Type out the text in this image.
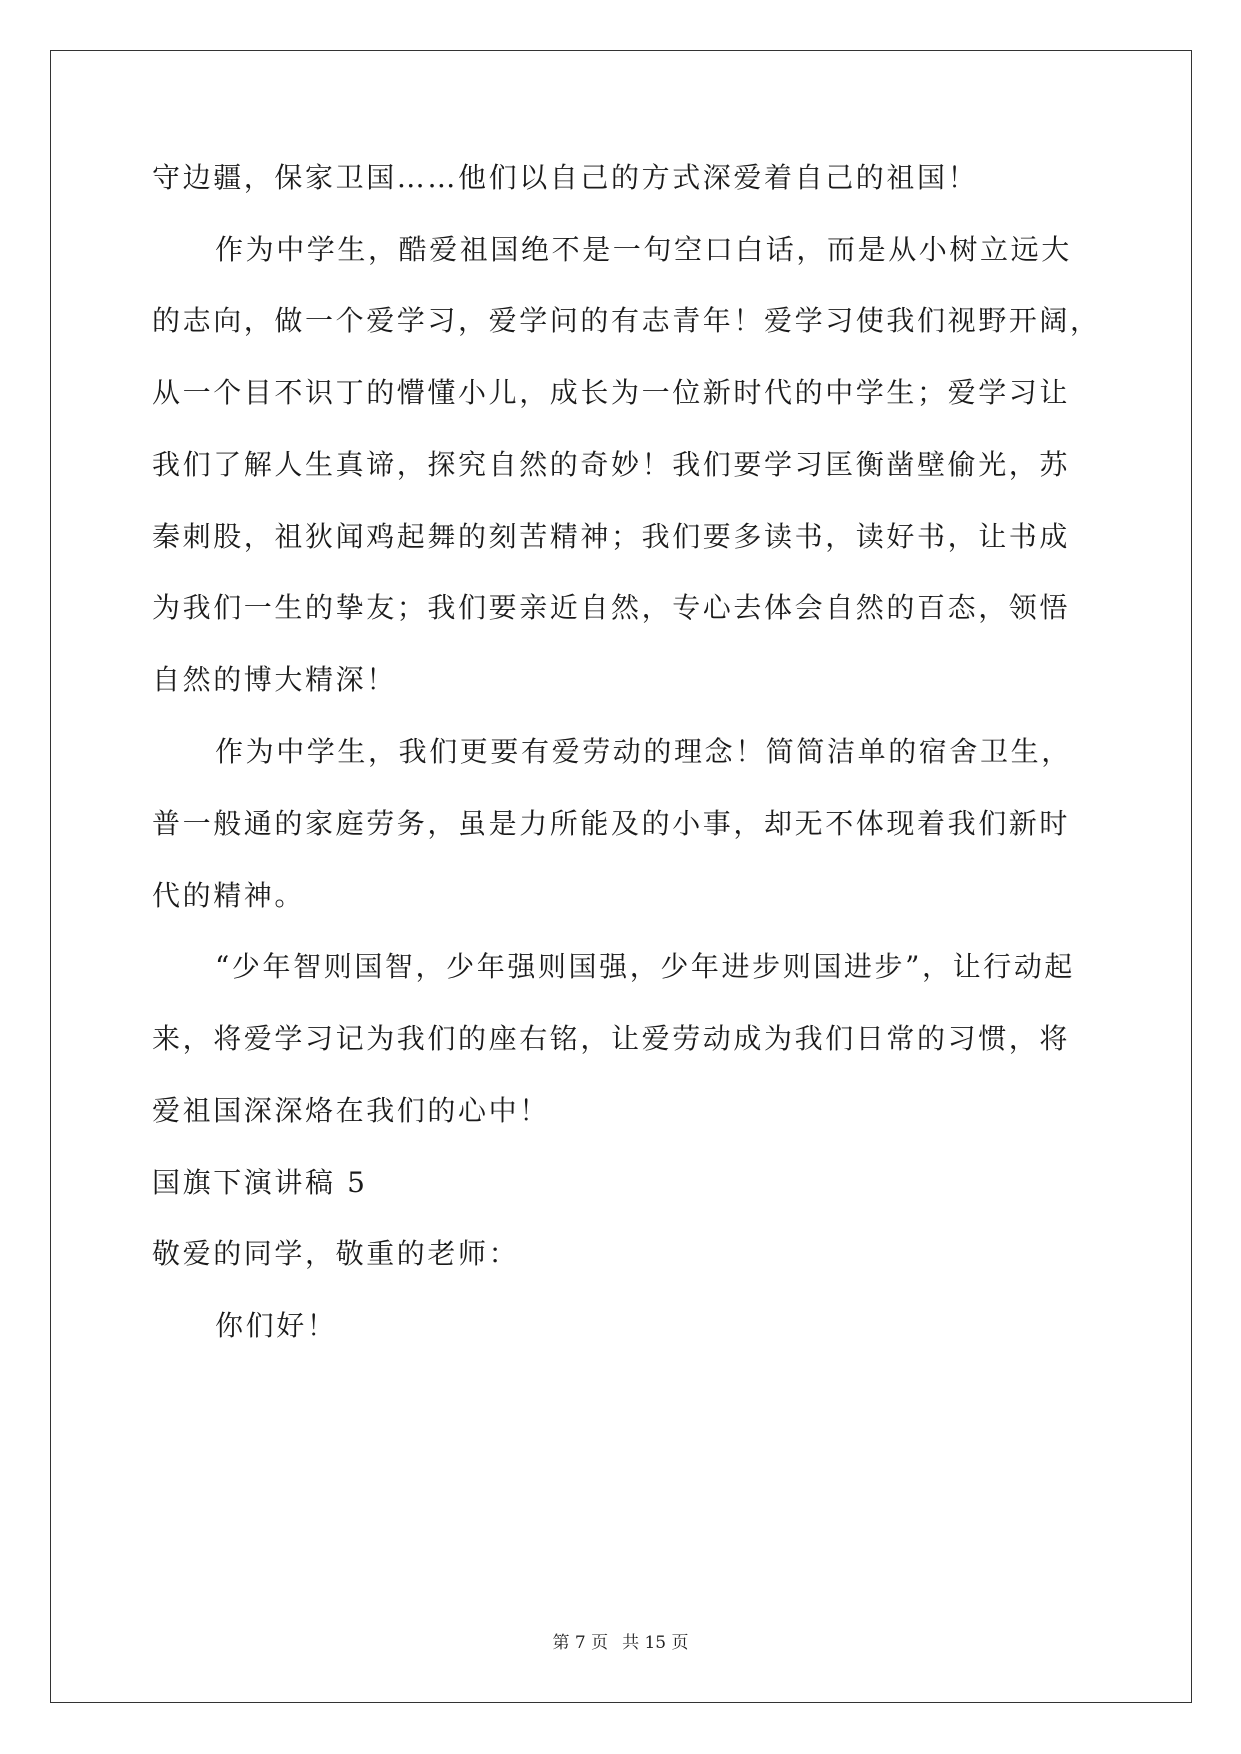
守边疆，保家卫国……他们以自己的方式深爱着自己的祖国！
作为中学生，酷爱祖国绝不是一句空口白话，而是从小树立远大
的志向，做一个爱学习，爱学问的有志青年！爱学习使我们视野开阔，
从一个目不识丁的懵懂小儿，成长为一位新时代的中学生；爱学习让
我们了解人生真谛，探究自然的奇妙！我们要学习匡衡凿壁偷光，苏
秦刺股，祖狄闻鸡起舞的刻苦精神；我们要多读书，读好书，让书成
为我们一生的挚友；我们要亲近自然，专心去体会自然的百态，领悟
自然的博大精深！
作为中学生，我们更要有爱劳动的理念！简简洁单的宿舍卫生，
普一般通的家庭劳务，虽是力所能及的小事，却无不体现着我们新时
代的精神。
“少年智则国智，少年强则国强，少年进步则国进步”，让行动起
来，将爱学习记为我们的座右铭，让爱劳动成为我们日常的习惯，将
爱祖国深深烙在我们的心中！
国旗下演讲稿 5
敬爱的同学，敬重的老师：
你们好！
第 7 页 共 15 页
